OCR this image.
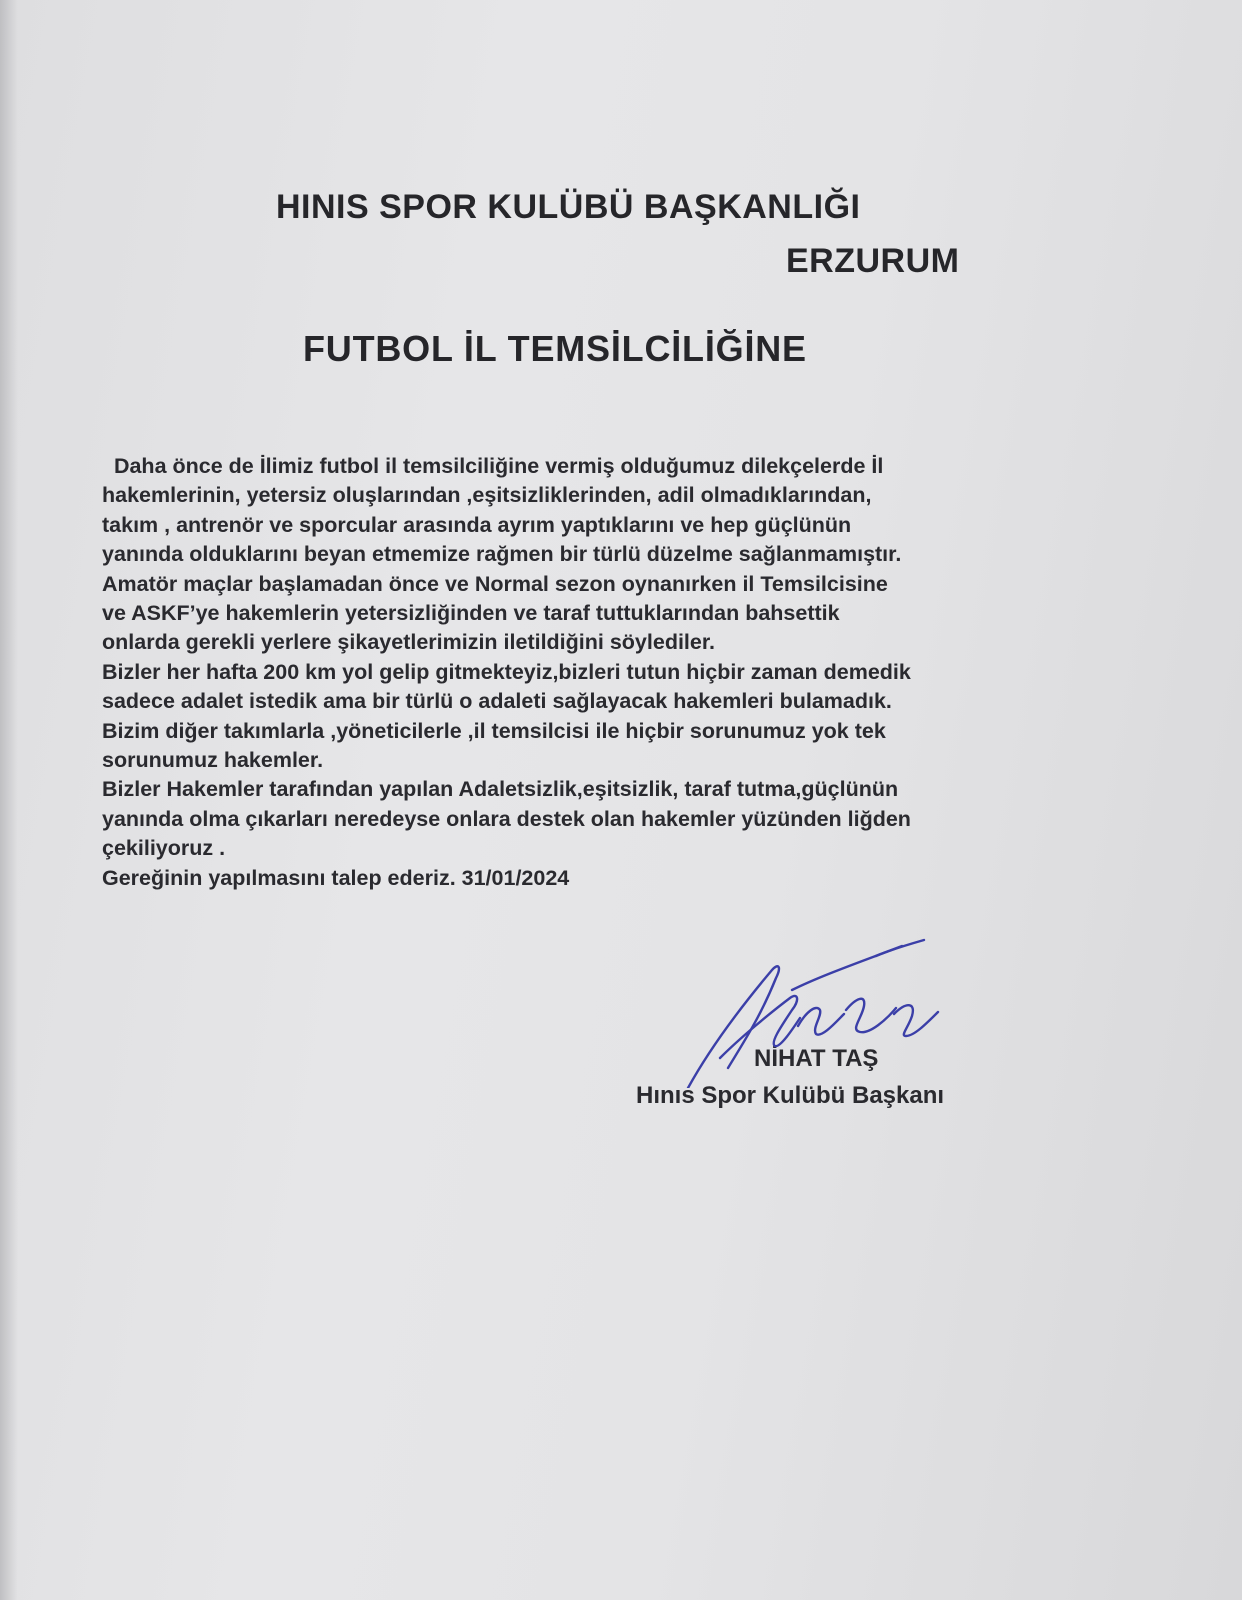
HINIS SPOR KULÜBÜ BAŞKANLIĞI
ERZURUM
FUTBOL İL TEMSİLCİLİĞİNE
Daha önce de İlimiz futbol il temsilciliğine vermiş olduğumuz dilekçelerde İl
hakemlerinin, yetersiz oluşlarından ,eşitsizliklerinden, adil olmadıklarından,
takım , antrenör ve sporcular arasında ayrım yaptıklarını ve hep güçlünün
yanında olduklarını beyan etmemize rağmen bir türlü düzelme sağlanmamıştır.
Amatör maçlar başlamadan önce ve Normal sezon oynanırken il Temsilcisine
ve ASKF’ye hakemlerin yetersizliğinden ve taraf tuttuklarından bahsettik
onlarda gerekli yerlere şikayetlerimizin iletildiğini söylediler.
Bizler her hafta 200 km yol gelip gitmekteyiz,bizleri tutun hiçbir zaman demedik
sadece adalet istedik ama bir türlü o adaleti sağlayacak hakemleri bulamadık.
Bizim diğer takımlarla ,yöneticilerle ,il temsilcisi ile hiçbir sorunumuz yok tek
sorunumuz hakemler.
Bizler Hakemler tarafından yapılan Adaletsizlik,eşitsizlik, taraf tutma,güçlünün
yanında olma çıkarları neredeyse onlara destek olan hakemler yüzünden liğden
çekiliyoruz .
Gereğinin yapılmasını talep ederiz. 31/01/2024
NİHAT TAŞ
Hınıs Spor Kulübü Başkanı
